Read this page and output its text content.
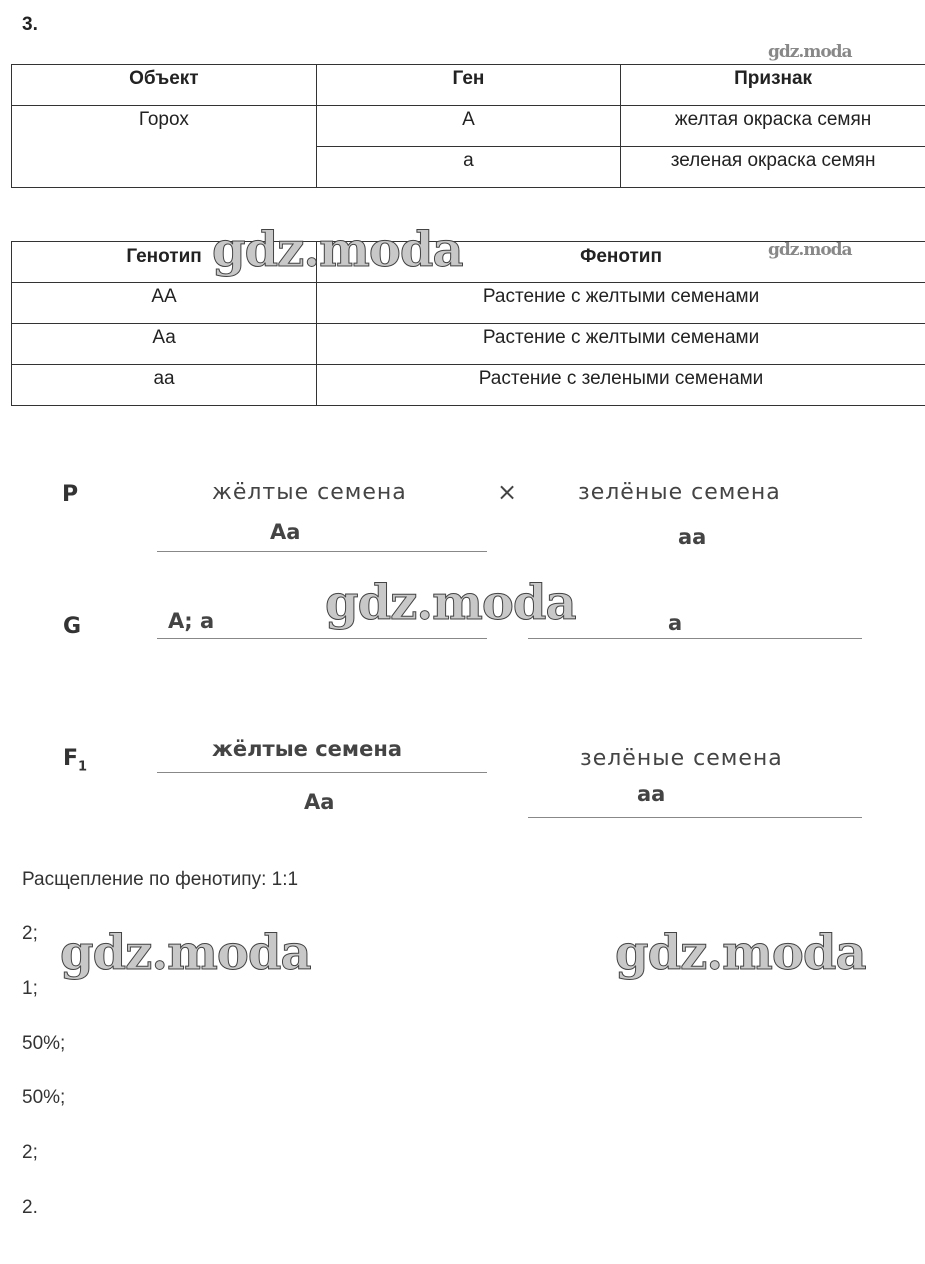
3.
gdz.moda
Объект	Ген	Признак
Горох	А	желтая окраска семян
	а	зеленая окраска семян
Генотип	Фенотип
АА	Растение с желтыми семенами
Аа	Растение с желтыми семенами
аа	Растение с зелеными семенами
gdz.moda	gdz.moda
P	жёлтые семена
Аа
×	зелёные семена
аа
G	А; а	а
gdz.moda
$F_1$
жёлтые семена
Аа
зелёные семена
аа
Расщепление по фенотипу: 1:1
2;
1;
50%;
50%;
2;
2.
gdz.moda	gdz.moda
